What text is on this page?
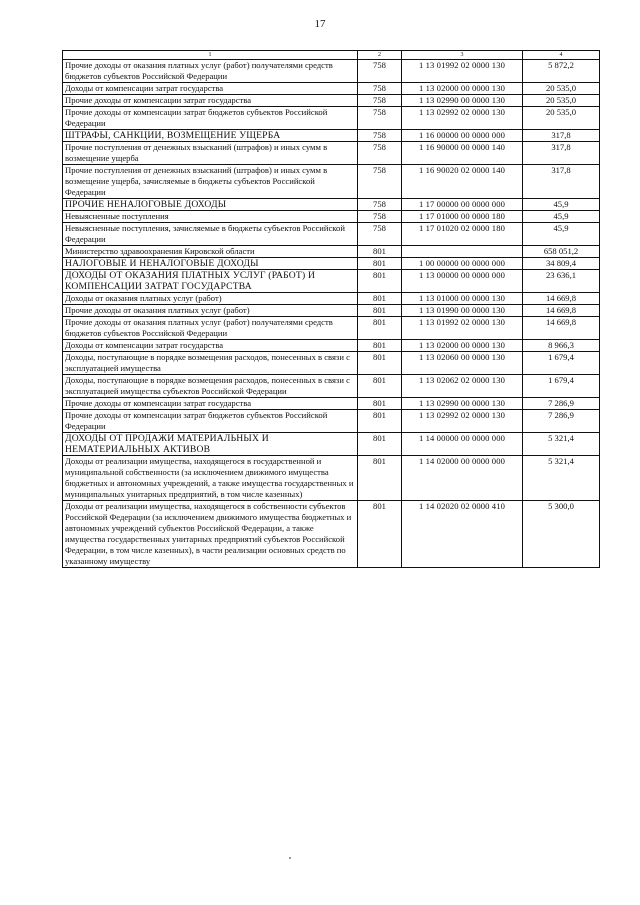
17
1	2	3	4
Прочие доходы от оказания платных услуг (работ) получателями средств бюджетов субъектов Российской Федерации	758	1 13 01992 02 0000 130	5 872,2
Доходы от компенсации затрат государства	758	1 13 02000 00 0000 130	20 535,0
Прочие доходы от компенсации затрат государства	758	1 13 02990 00 0000 130	20 535,0
Прочие доходы от компенсации затрат бюджетов субъектов Российской Федерации	758	1 13 02992 02 0000 130	20 535,0
ШТРАФЫ, САНКЦИИ, ВОЗМЕЩЕНИЕ УЩЕРБА	758	1 16 00000 00 0000 000	317,8
Прочие поступления от денежных взысканий (штрафов) и иных сумм в возмещение ущерба	758	1 16 90000 00 0000 140	317,8
Прочие поступления от денежных взысканий (штрафов) и иных сумм в возмещение ущерба, зачисляемые в бюджеты субъектов Российской Федерации	758	1 16 90020 02 0000 140	317,8
ПРОЧИЕ НЕНАЛОГОВЫЕ ДОХОДЫ	758	1 17 00000 00 0000 000	45,9
Невыясненные поступления	758	1 17 01000 00 0000 180	45,9
Невыясненные поступления, зачисляемые в бюджеты субъектов Российской Федерации	758	1 17 01020 02 0000 180	45,9
Министерство здравоохранения Кировской области	801		658 051,2
НАЛОГОВЫЕ И НЕНАЛОГОВЫЕ ДОХОДЫ	801	1 00 00000 00 0000 000	34 809,4
ДОХОДЫ ОТ ОКАЗАНИЯ ПЛАТНЫХ УСЛУГ (РАБОТ) И КОМПЕНСАЦИИ ЗАТРАТ ГОСУДАРСТВА	801	1 13 00000 00 0000 000	23 636,1
Доходы от оказания платных услуг (работ)	801	1 13 01000 00 0000 130	14 669,8
Прочие доходы от оказания платных услуг (работ)	801	1 13 01990 00 0000 130	14 669,8
Прочие доходы от оказания платных услуг (работ) получателями средств бюджетов субъектов Российской Федерации	801	1 13 01992 02 0000 130	14 669,8
Доходы от компенсации затрат государства	801	1 13 02000 00 0000 130	8 966,3
Доходы, поступающие в порядке возмещения расходов, понесенных в связи с эксплуатацией имущества	801	1 13 02060 00 0000 130	1 679,4
Доходы, поступающие в порядке возмещения расходов, понесенных в связи с эксплуатацией имущества субъектов Российской Федерации	801	1 13 02062 02 0000 130	1 679,4
Прочие доходы от компенсации затрат государства	801	1 13 02990 00 0000 130	7 286,9
Прочие доходы от компенсации затрат бюджетов субъектов Российской Федерации	801	1 13 02992 02 0000 130	7 286,9
ДОХОДЫ ОТ ПРОДАЖИ МАТЕРИАЛЬНЫХ И НЕМАТЕРИАЛЬНЫХ АКТИВОВ	801	1 14 00000 00 0000 000	5 321,4
Доходы от реализации имущества, находящегося в государственной и муниципальной собственности (за исключением движимого имущества бюджетных и автономных учреждений, а также имущества государственных и муниципальных унитарных предприятий, в том числе казенных)	801	1 14 02000 00 0000 000	5 321,4
Доходы от реализации имущества, находящегося в собственности субъектов Российской Федерации (за исключением движимого имущества бюджетных и автономных учреждений субъектов Российской Федерации, а также имущества государственных унитарных предприятий субъектов Российской Федерации, в том числе казенных), в части реализации основных средств по указанному имуществу	801	1 14 02020 02 0000 410	5 300,0
